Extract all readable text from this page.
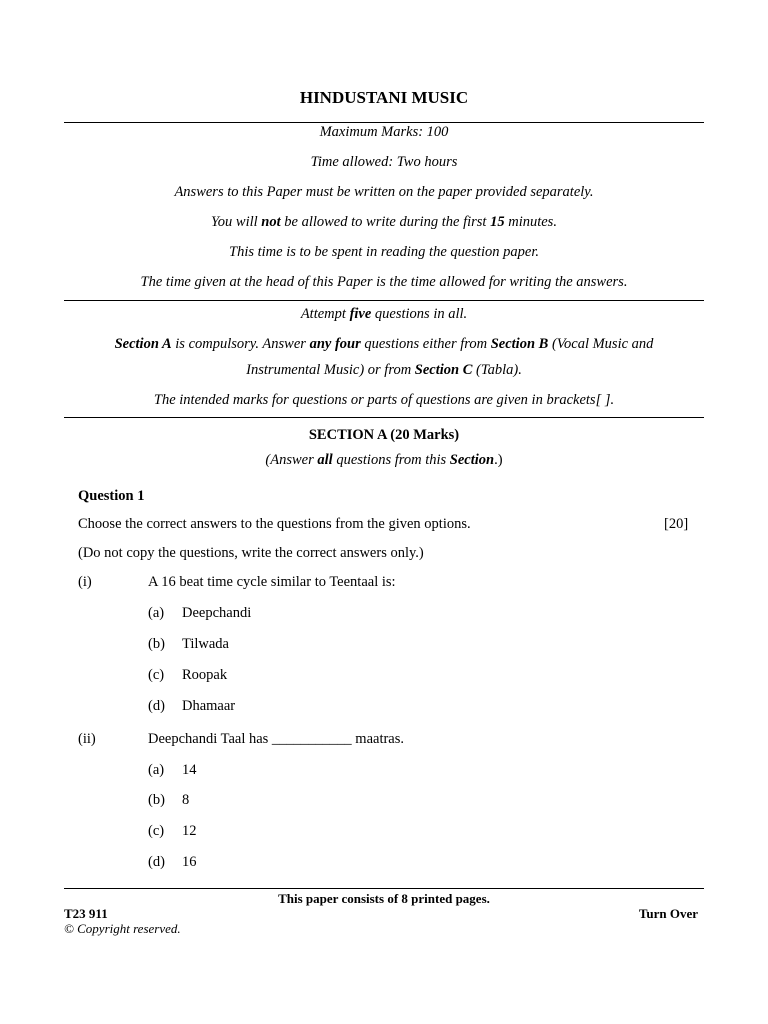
HINDUSTANI MUSIC
Maximum Marks: 100
Time allowed: Two hours
Answers to this Paper must be written on the paper provided separately.
You will not be allowed to write during the first 15 minutes.
This time is to be spent in reading the question paper.
The time given at the head of this Paper is the time allowed for writing the answers.
Attempt five questions in all.
Section A is compulsory. Answer any four questions either from Section B (Vocal Music and
Instrumental Music) or from Section C (Tabla).
The intended marks for questions or parts of questions are given in brackets[ ].
SECTION A (20 Marks)
(Answer all questions from this Section.)
Question 1
Choose the correct answers to the questions from the given options.	[20]
(Do not copy the questions, write the correct answers only.)
(i)	A 16 beat time cycle similar to Teentaal is:
(a) Deepchandi
(b) Tilwada
(c) Roopak
(d) Dhamaar
(ii)	Deepchandi Taal has ___________ maatras.
(a) 14
(b) 8
(c) 12
(d) 16
This paper consists of 8 printed pages.
T23 911	Turn Over
© Copyright reserved.
